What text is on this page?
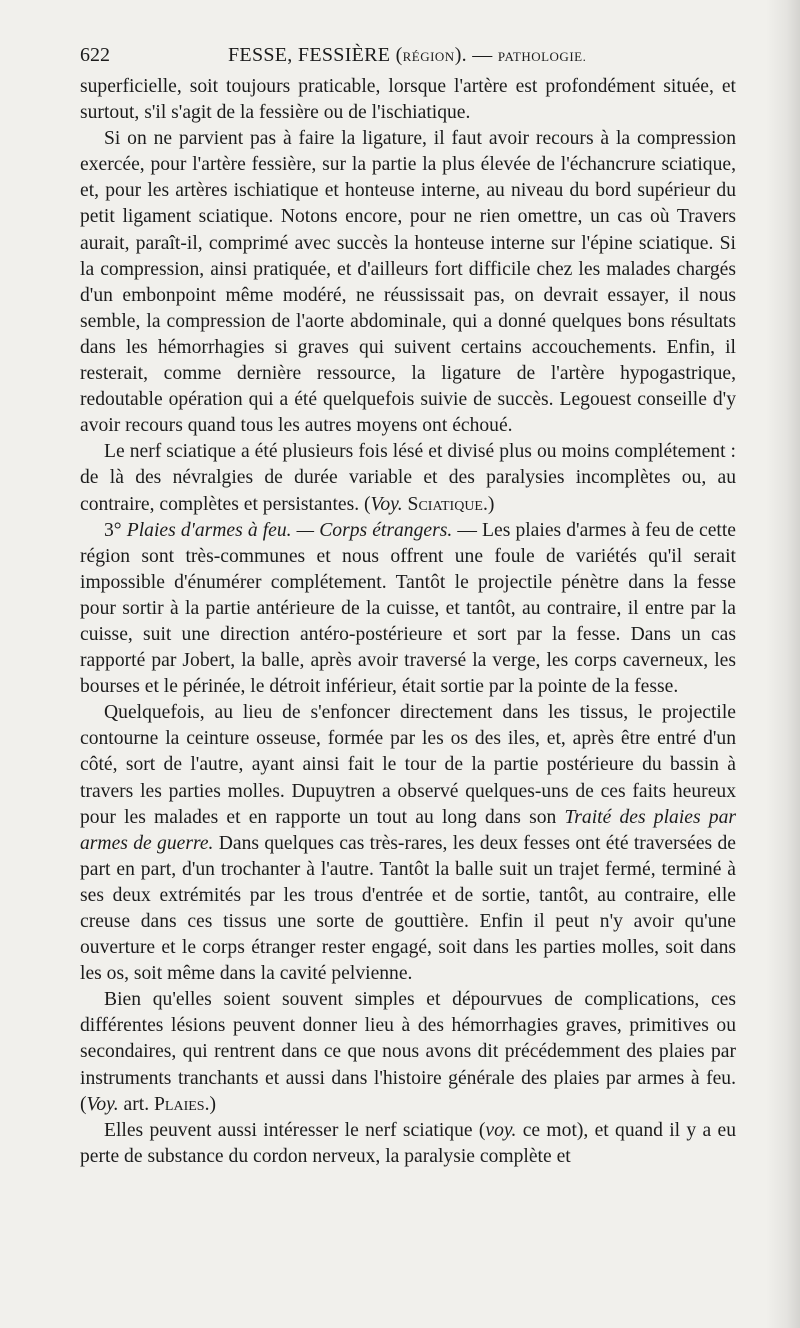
622	FESSE, FESSIÈRE (RÉGION). — PATHOLOGIE.

superficielle, soit toujours praticable, lorsque l'artère est profondément située, et surtout, s'il s'agit de la fessière ou de l'ischiatique.

Si on ne parvient pas à faire la ligature, il faut avoir recours à la compression exercée, pour l'artère fessière, sur la partie la plus élevée de l'échancrure sciatique, et, pour les artères ischiatique et honteuse interne, au niveau du bord supérieur du petit ligament sciatique. Notons encore, pour ne rien omettre, un cas où Travers aurait, paraît-il, comprimé avec succès la honteuse interne sur l'épine sciatique. Si la compression, ainsi pratiquée, et d'ailleurs fort difficile chez les malades chargés d'un embonpoint même modéré, ne réussissait pas, on devrait essayer, il nous semble, la compression de l'aorte abdominale, qui a donné quelques bons résultats dans les hémorrhagies si graves qui suivent certains accouchements. Enfin, il resterait, comme dernière ressource, la ligature de l'artère hypogastrique, redoutable opération qui a été quelquefois suivie de succès. Legouest conseille d'y avoir recours quand tous les autres moyens ont échoué.

Le nerf sciatique a été plusieurs fois lésé et divisé plus ou moins complétement : de là des névralgies de durée variable et des paralysies incomplètes ou, au contraire, complètes et persistantes. (Voy. Sciatique.)

3° Plaies d'armes à feu. — Corps étrangers. — Les plaies d'armes à feu de cette région sont très-communes et nous offrent une foule de variétés qu'il serait impossible d'énumérer complétement. Tantôt le projectile pénètre dans la fesse pour sortir à la partie antérieure de la cuisse, et tantôt, au contraire, il entre par la cuisse, suit une direction antéro-postérieure et sort par la fesse. Dans un cas rapporté par Jobert, la balle, après avoir traversé la verge, les corps caverneux, les bourses et le périnée, le détroit inférieur, était sortie par la pointe de la fesse.

Quelquefois, au lieu de s'enfoncer directement dans les tissus, le projectile contourne la ceinture osseuse, formée par les os des iles, et, après être entré d'un côté, sort de l'autre, ayant ainsi fait le tour de la partie postérieure du bassin à travers les parties molles. Dupuytren a observé quelques-uns de ces faits heureux pour les malades et en rapporte un tout au long dans son Traité des plaies par armes de guerre. Dans quelques cas très-rares, les deux fesses ont été traversées de part en part, d'un trochanter à l'autre. Tantôt la balle suit un trajet fermé, terminé à ses deux extrémités par les trous d'entrée et de sortie, tantôt, au contraire, elle creuse dans ces tissus une sorte de gouttière. Enfin il peut n'y avoir qu'une ouverture et le corps étranger rester engagé, soit dans les parties molles, soit dans les os, soit même dans la cavité pelvienne.

Bien qu'elles soient souvent simples et dépourvues de complications, ces différentes lésions peuvent donner lieu à des hémorrhagies graves, primitives ou secondaires, qui rentrent dans ce que nous avons dit précédemment des plaies par instruments tranchants et aussi dans l'histoire générale des plaies par armes à feu. (Voy. art. Plaies.)

Elles peuvent aussi intéresser le nerf sciatique (voy. ce mot), et quand il y a eu perte de substance du cordon nerveux, la paralysie complète et
